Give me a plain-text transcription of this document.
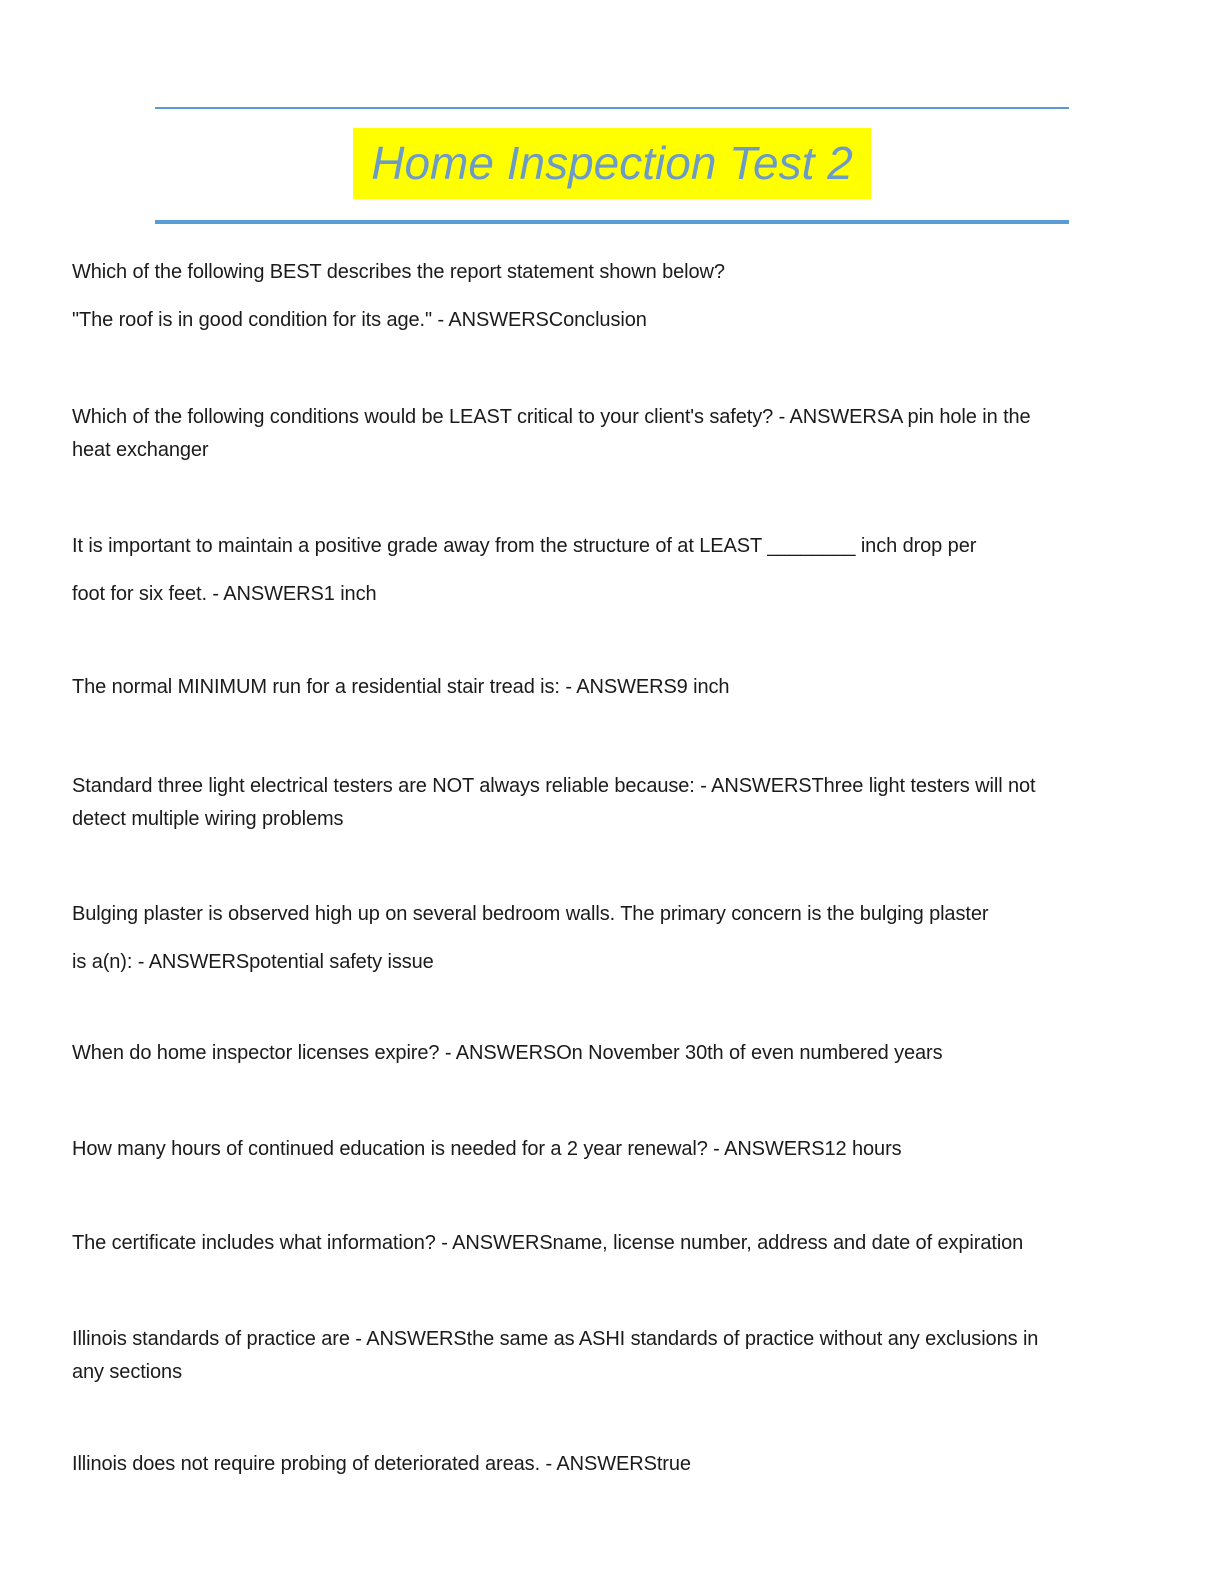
Home Inspection Test 2
Which of the following BEST describes the report statement shown below?
"The roof is in good condition for its age." - ANSWERSConclusion
Which of the following conditions would be LEAST critical to your client's safety? - ANSWERSA pin hole in the
heat exchanger
It is important to maintain a positive grade away from the structure of at LEAST ________ inch drop per
foot for six feet. - ANSWERS1 inch
The normal MINIMUM run for a residential stair tread is: - ANSWERS9 inch
Standard three light electrical testers are NOT always reliable because: - ANSWERSThree light testers will not
detect multiple wiring problems
Bulging plaster is observed high up on several bedroom walls. The primary concern is the bulging plaster
is a(n): - ANSWERSpotential safety issue
When do home inspector licenses expire? - ANSWERSOn November 30th of even numbered years
How many hours of continued education is needed for a 2 year renewal? - ANSWERS12 hours
The certificate includes what information? - ANSWERSname, license number, address and date of expiration
Illinois standards of practice are - ANSWERSthe same as ASHI standards of practice without any exclusions in
any sections
Illinois does not require probing of deteriorated areas. - ANSWERStrue
